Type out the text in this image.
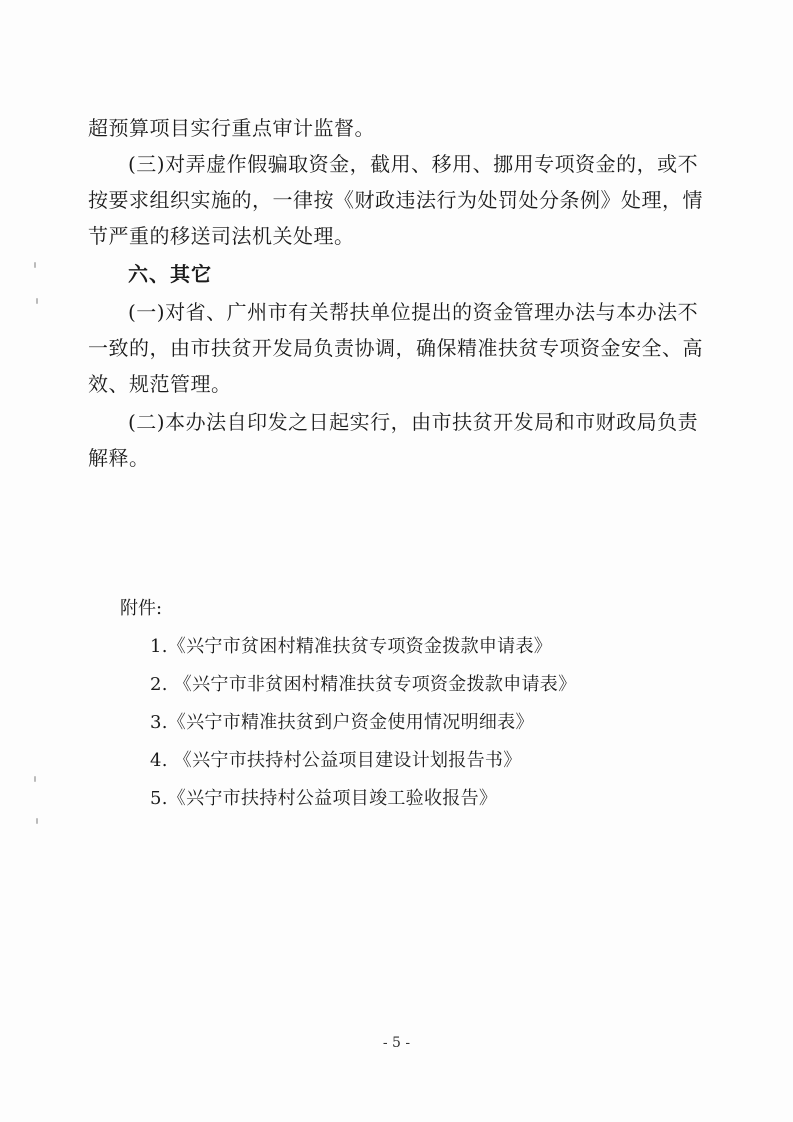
超预算项目实行重点审计监督。
(三)对弄虚作假骗取资金，截用、移用、挪用专项资金的，或不
按要求组织实施的，一律按《财政违法行为处罚处分条例》处理，情
节严重的移送司法机关处理。
六、其它
(一)对省、广州市有关帮扶单位提出的资金管理办法与本办法不
一致的，由市扶贫开发局负责协调，确保精准扶贫专项资金安全、高
效、规范管理。
(二)本办法自印发之日起实行，由市扶贫开发局和市财政局负责
解释。
附件:
1.《兴宁市贫困村精准扶贫专项资金拨款申请表》
2. 《兴宁市非贫困村精准扶贫专项资金拨款申请表》
3.《兴宁市精准扶贫到户资金使用情况明细表》
4. 《兴宁市扶持村公益项目建设计划报告书》
5.《兴宁市扶持村公益项目竣工验收报告》
- 5 -
